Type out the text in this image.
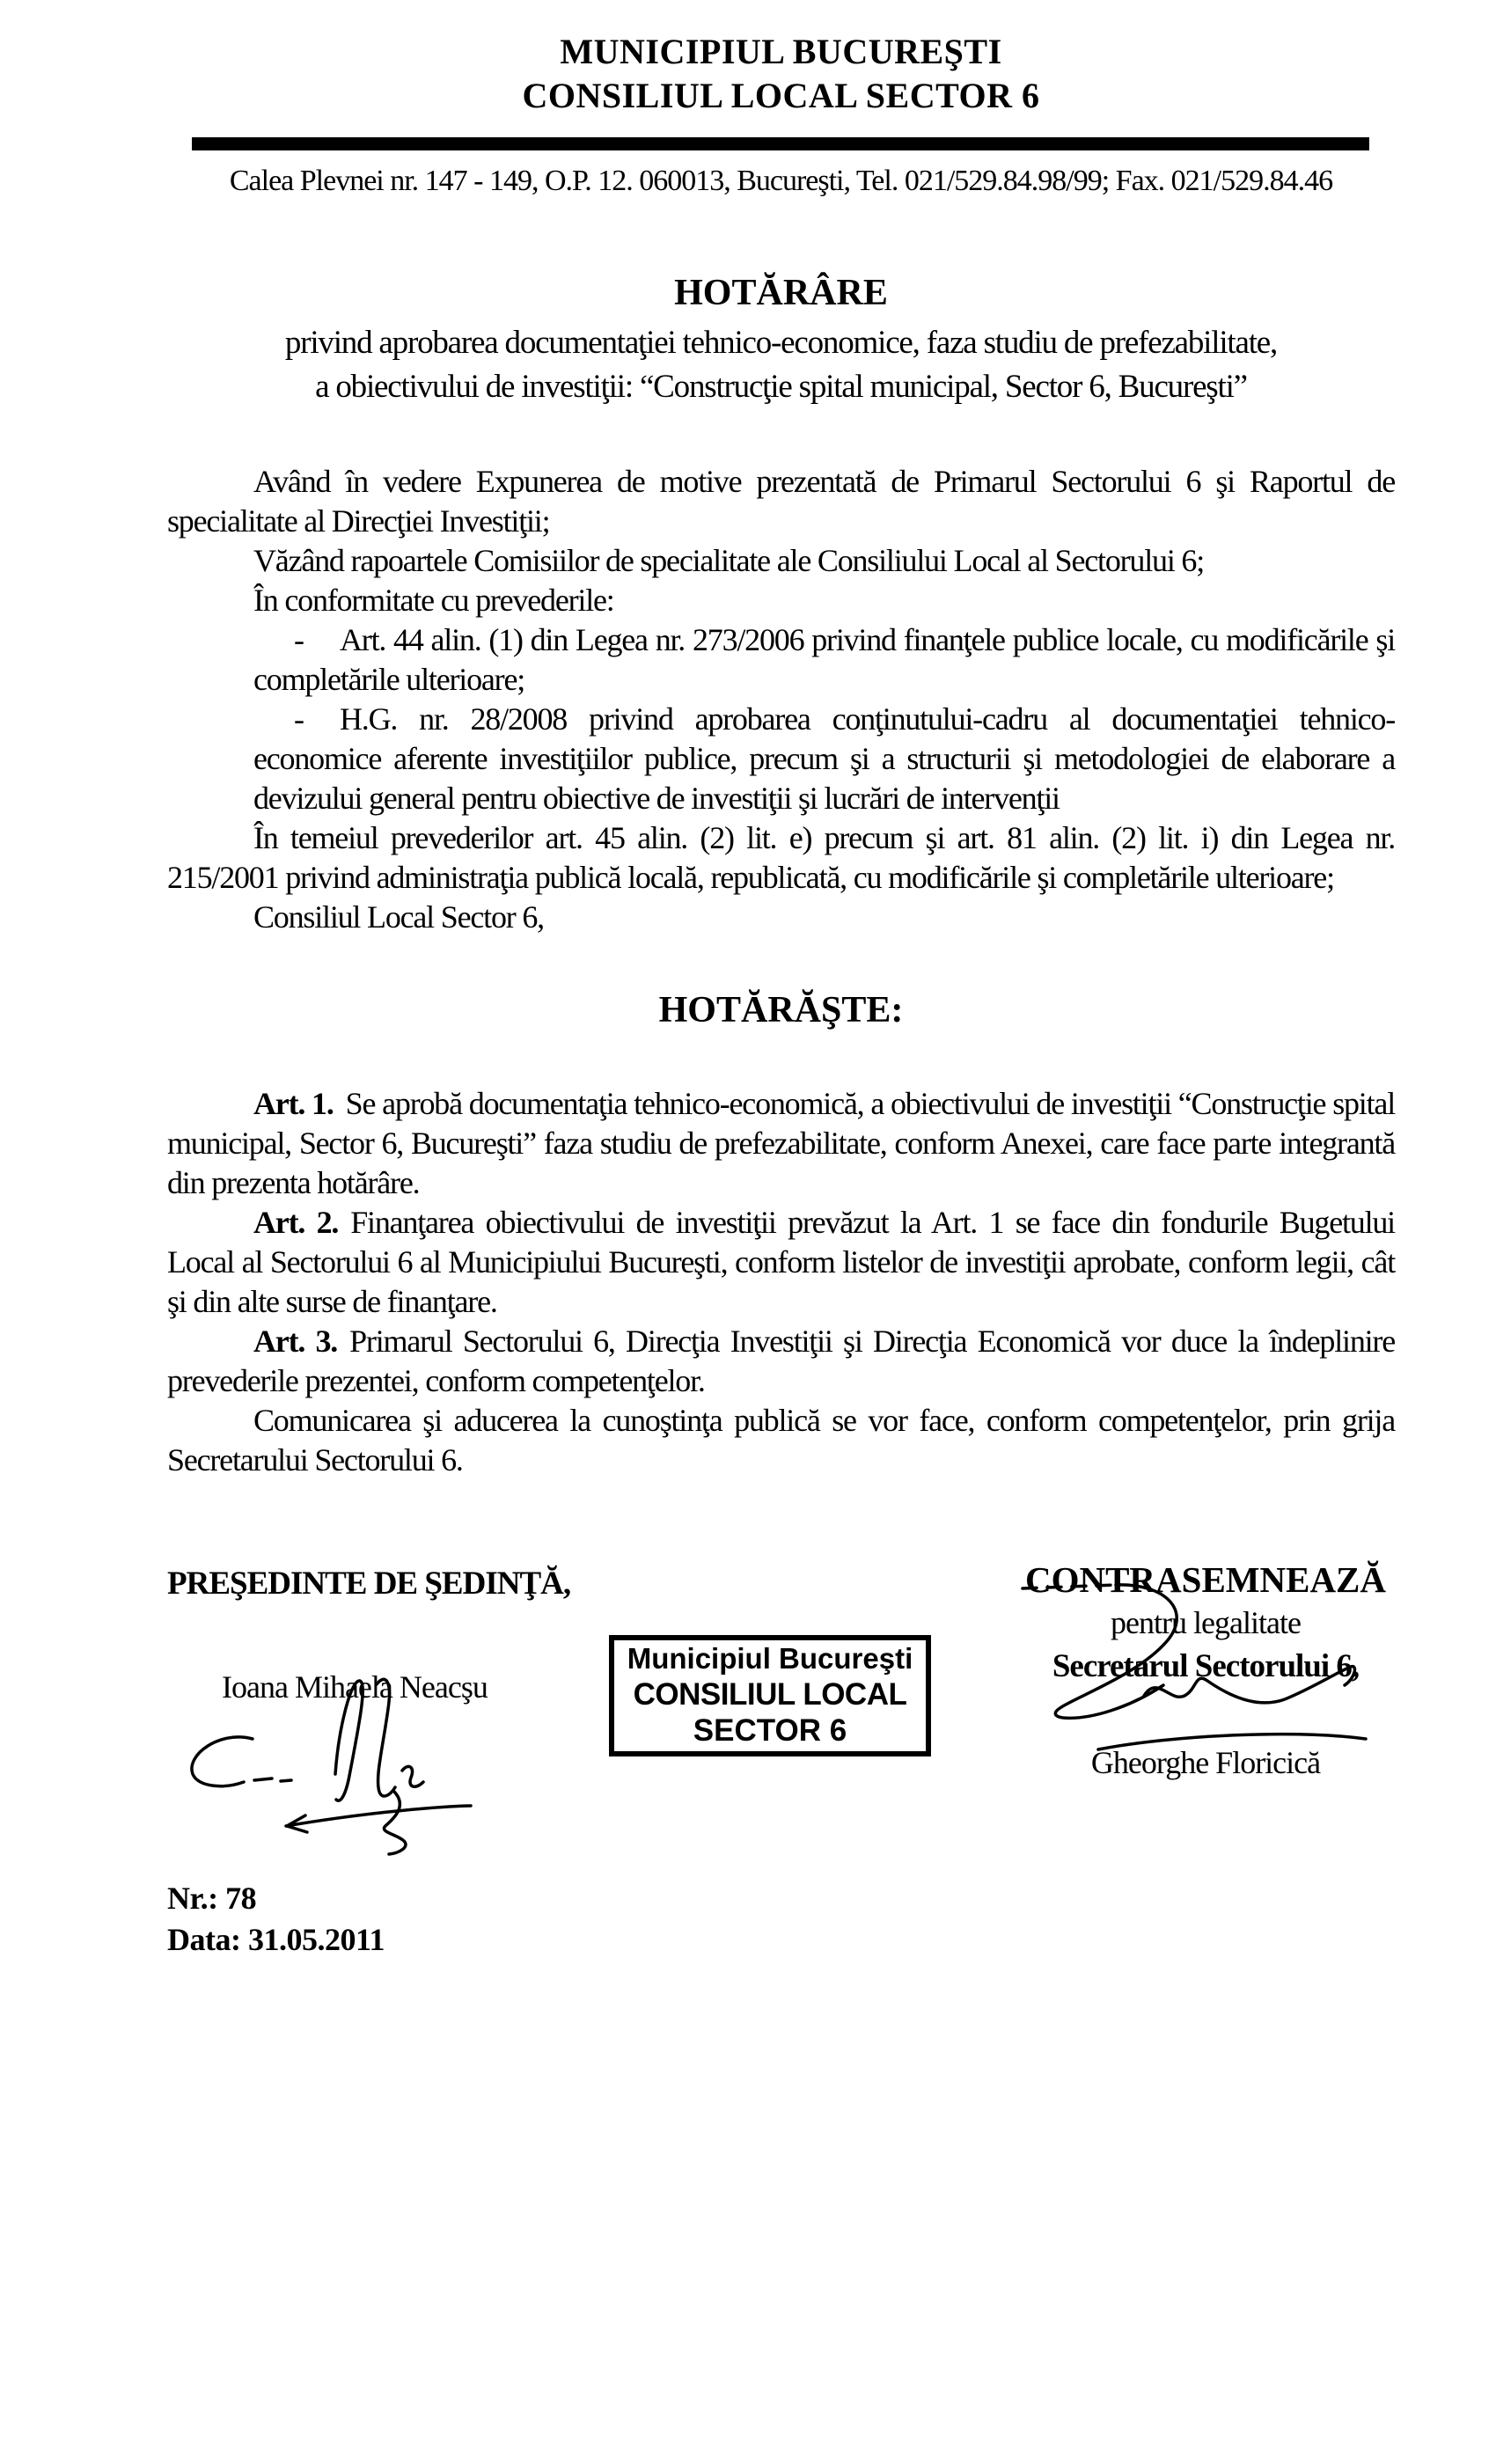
MUNICIPIUL BUCUREŞTI
CONSILIUL LOCAL SECTOR 6
Calea Plevnei nr. 147 - 149, O.P. 12. 060013, Bucureşti, Tel. 021/529.84.98/99; Fax. 021/529.84.46
HOTĂRÂRE
privind aprobarea documentaţiei tehnico-economice, faza studiu de prefezabilitate,
a obiectivului de investiţii: “Construcţie spital municipal, Sector 6, Bucureşti”

Având în vedere Expunerea de motive prezentată de Primarul Sectorului 6 şi Raportul de specialitate al Direcţiei Investiţii;

Văzând rapoartele Comisiilor de specialitate ale Consiliului Local al Sectorului 6;

În conformitate cu prevederile:

- Art. 44 alin. (1) din Legea nr. 273/2006 privind finanţele publice locale, cu modificările şi completările ulterioare;

- H.G. nr. 28/2008 privind aprobarea conţinutului-cadru al documentaţiei tehnico-economice aferente investiţiilor publice, precum şi a structurii şi metodologiei de elaborare a devizului general pentru obiective de investiţii şi lucrări de intervenţii

În temeiul prevederilor art. 45 alin. (2) lit. e) precum şi art. 81 alin. (2) lit. i) din Legea nr. 215/2001 privind administraţia publică locală, republicată, cu modificările şi completările ulterioare;

Consiliul Local Sector 6,

HOTĂRĂŞTE:

Art. 1. Se aprobă documentaţia tehnico-economică, a obiectivului de investiţii “Construcţie spital municipal, Sector 6, Bucureşti” faza studiu de prefezabilitate, conform Anexei, care face parte integrantă din prezenta hotărâre.

Art. 2. Finanţarea obiectivului de investiţii prevăzut la Art. 1 se face din fondurile Bugetului Local al Sectorului 6 al Municipiului Bucureşti, conform listelor de investiţii aprobate, conform legii, cât şi din alte surse de finanţare.

Art. 3. Primarul Sectorului 6, Direcţia Investiţii şi Direcţia Economică vor duce la îndeplinire prevederile prezentei, conform competenţelor.

Comunicarea şi aducerea la cunoştinţa publică se vor face, conform competenţelor, prin grija Secretarului Sectorului 6.

PREŞEDINTE DE ŞEDINŢĂ,
Ioana Mihaela Neacşu
Municipiul Bucureşti
CONSILIUL LOCAL
SECTOR 6
CONTRASEMNEAZĂ
pentru legalitate
Secretarul Sectorului 6,
Gheorghe Floricică
Nr.: 78
Data: 31.05.2011
